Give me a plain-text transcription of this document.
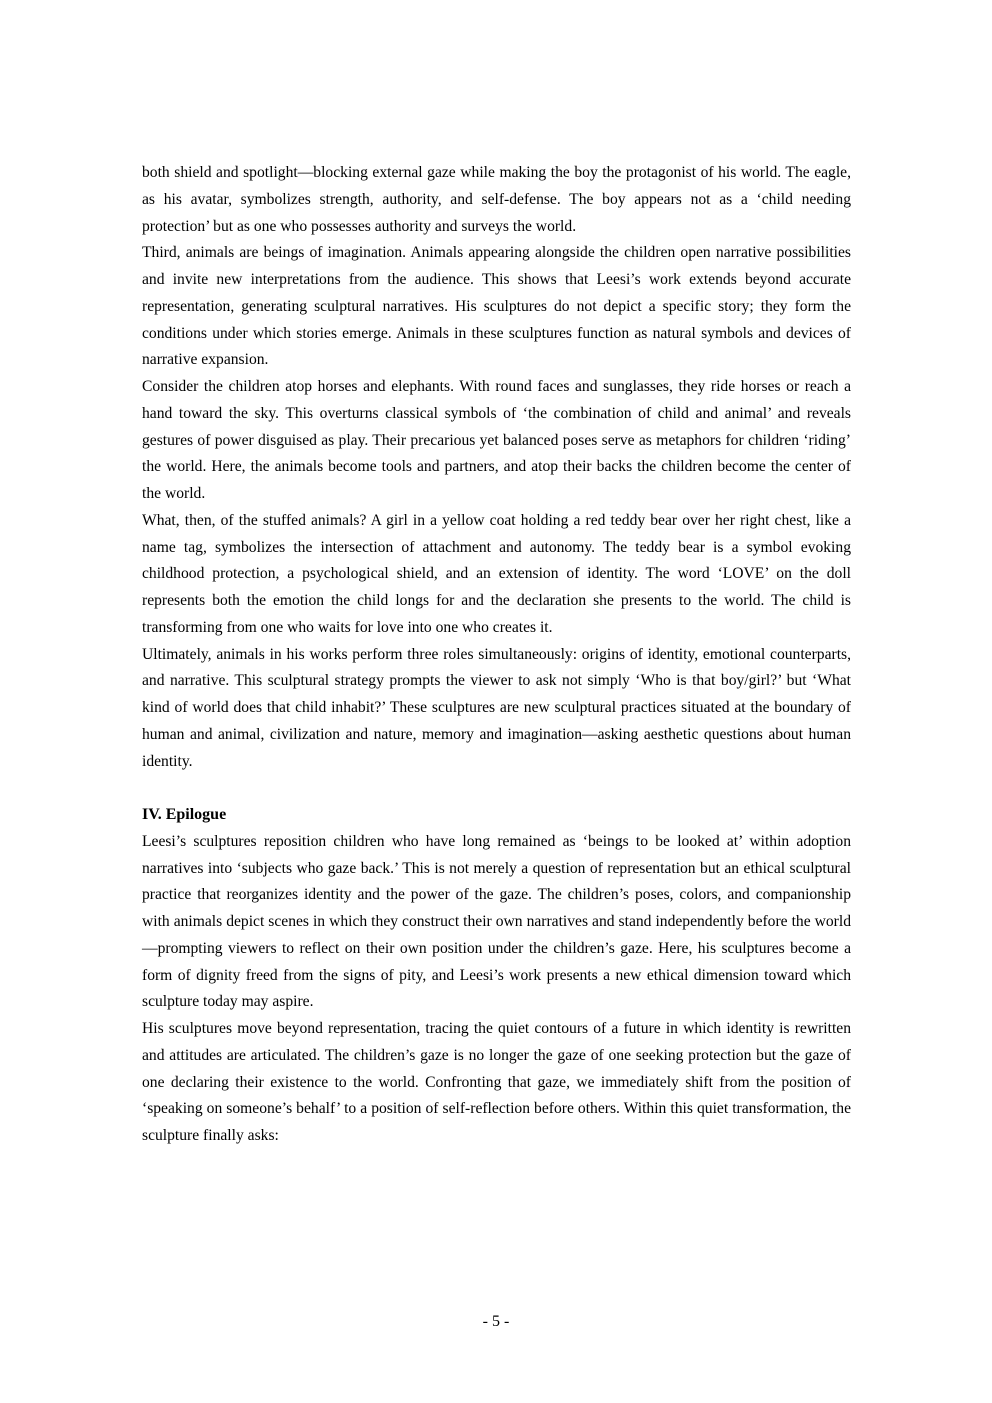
both shield and spotlight—blocking external gaze while making the boy the protagonist of his world. The eagle, as his avatar, symbolizes strength, authority, and self-defense. The boy appears not as a ‘child needing protection’ but as one who possesses authority and surveys the world.

Third, animals are beings of imagination. Animals appearing alongside the children open narrative possibilities and invite new interpretations from the audience. This shows that Leesi’s work extends beyond accurate representation, generating sculptural narratives. His sculptures do not depict a specific story; they form the conditions under which stories emerge. Animals in these sculptures function as natural symbols and devices of narrative expansion.

Consider the children atop horses and elephants. With round faces and sunglasses, they ride horses or reach a hand toward the sky. This overturns classical symbols of ‘the combination of child and animal’ and reveals gestures of power disguised as play. Their precarious yet balanced poses serve as metaphors for children ‘riding’ the world. Here, the animals become tools and partners, and atop their backs the children become the center of the world.

What, then, of the stuffed animals? A girl in a yellow coat holding a red teddy bear over her right chest, like a name tag, symbolizes the intersection of attachment and autonomy. The teddy bear is a symbol evoking childhood protection, a psychological shield, and an extension of identity. The word ‘LOVE’ on the doll represents both the emotion the child longs for and the declaration she presents to the world. The child is transforming from one who waits for love into one who creates it.

Ultimately, animals in his works perform three roles simultaneously: origins of identity, emotional counterparts, and narrative. This sculptural strategy prompts the viewer to ask not simply ‘Who is that boy/girl?’ but ‘What kind of world does that child inhabit?’ These sculptures are new sculptural practices situated at the boundary of human and animal, civilization and nature, memory and imagination—asking aesthetic questions about human identity.

IV. Epilogue

Leesi’s sculptures reposition children who have long remained as ‘beings to be looked at’ within adoption narratives into ‘subjects who gaze back.’ This is not merely a question of representation but an ethical sculptural practice that reorganizes identity and the power of the gaze. The children’s poses, colors, and companionship with animals depict scenes in which they construct their own narratives and stand independently before the world—prompting viewers to reflect on their own position under the children’s gaze. Here, his sculptures become a form of dignity freed from the signs of pity, and Leesi’s work presents a new ethical dimension toward which sculpture today may aspire.

His sculptures move beyond representation, tracing the quiet contours of a future in which identity is rewritten and attitudes are articulated. The children’s gaze is no longer the gaze of one seeking protection but the gaze of one declaring their existence to the world. Confronting that gaze, we immediately shift from the position of ‘speaking on someone’s behalf’ to a position of self-reflection before others. Within this quiet transformation, the sculpture finally asks:

- 5 -
